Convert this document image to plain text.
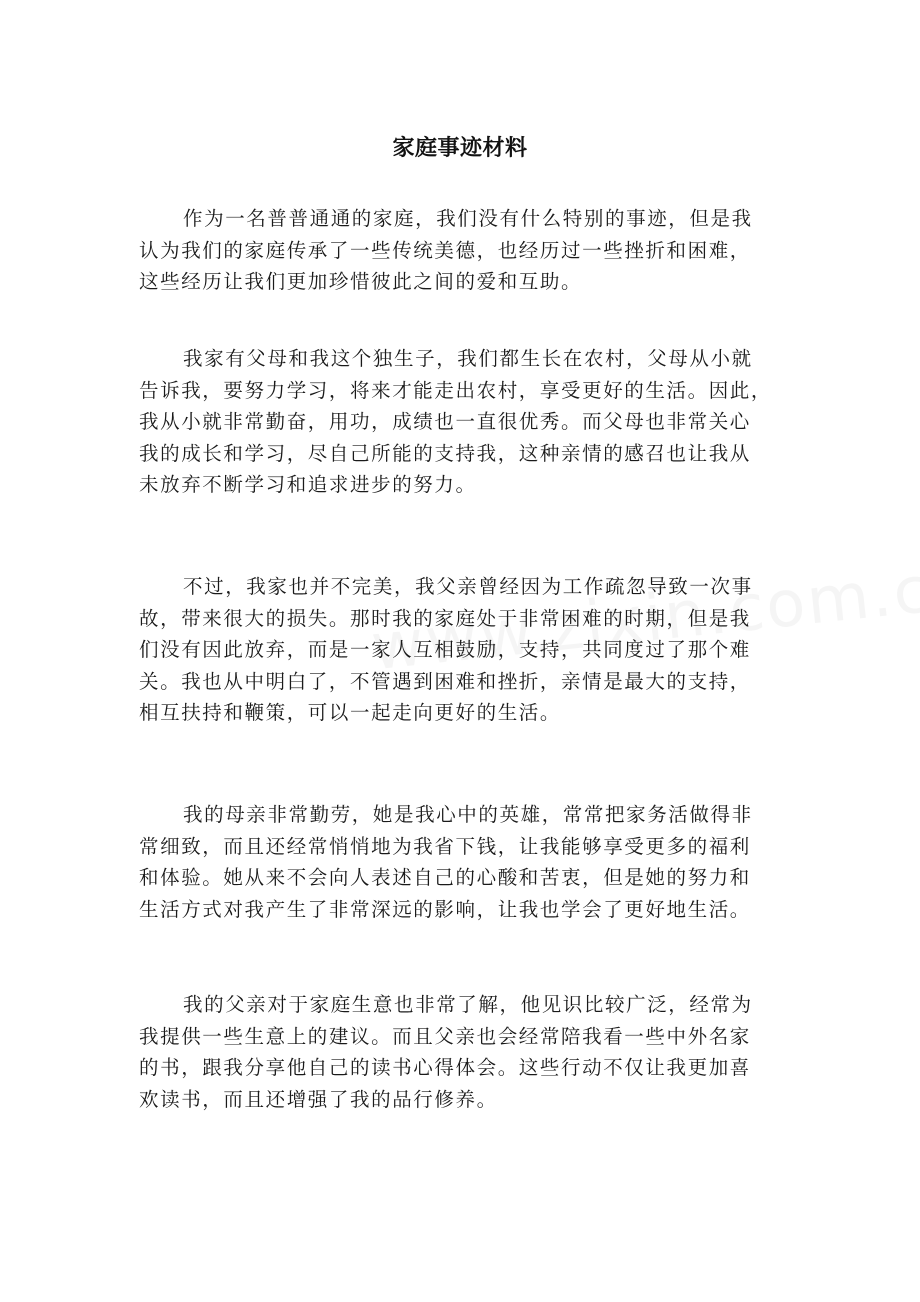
家庭事迹材料
作为一名普普通通的家庭，我们没有什么特别的事迹，但是我
认为我们的家庭传承了一些传统美德，也经历过一些挫折和困难，
这些经历让我们更加珍惜彼此之间的爱和互助。
我家有父母和我这个独生子，我们都生长在农村，父母从小就
告诉我，要努力学习，将来才能走出农村，享受更好的生活。因此，
我从小就非常勤奋，用功，成绩也一直很优秀。而父母也非常关心
我的成长和学习，尽自己所能的支持我，这种亲情的感召也让我从
未放弃不断学习和追求进步的努力。
不过，我家也并不完美，我父亲曾经因为工作疏忽导致一次事
故，带来很大的损失。那时我的家庭处于非常困难的时期，但是我
们没有因此放弃，而是一家人互相鼓励，支持，共同度过了那个难
关。我也从中明白了，不管遇到困难和挫折，亲情是最大的支持，
相互扶持和鞭策，可以一起走向更好的生活。
我的母亲非常勤劳，她是我心中的英雄，常常把家务活做得非
常细致，而且还经常悄悄地为我省下钱，让我能够享受更多的福利
和体验。她从来不会向人表述自己的心酸和苦衷，但是她的努力和
生活方式对我产生了非常深远的影响，让我也学会了更好地生活。
我的父亲对于家庭生意也非常了解，他见识比较广泛，经常为
我提供一些生意上的建议。而且父亲也会经常陪我看一些中外名家
的书，跟我分享他自己的读书心得体会。这些行动不仅让我更加喜
欢读书，而且还增强了我的品行修养。
